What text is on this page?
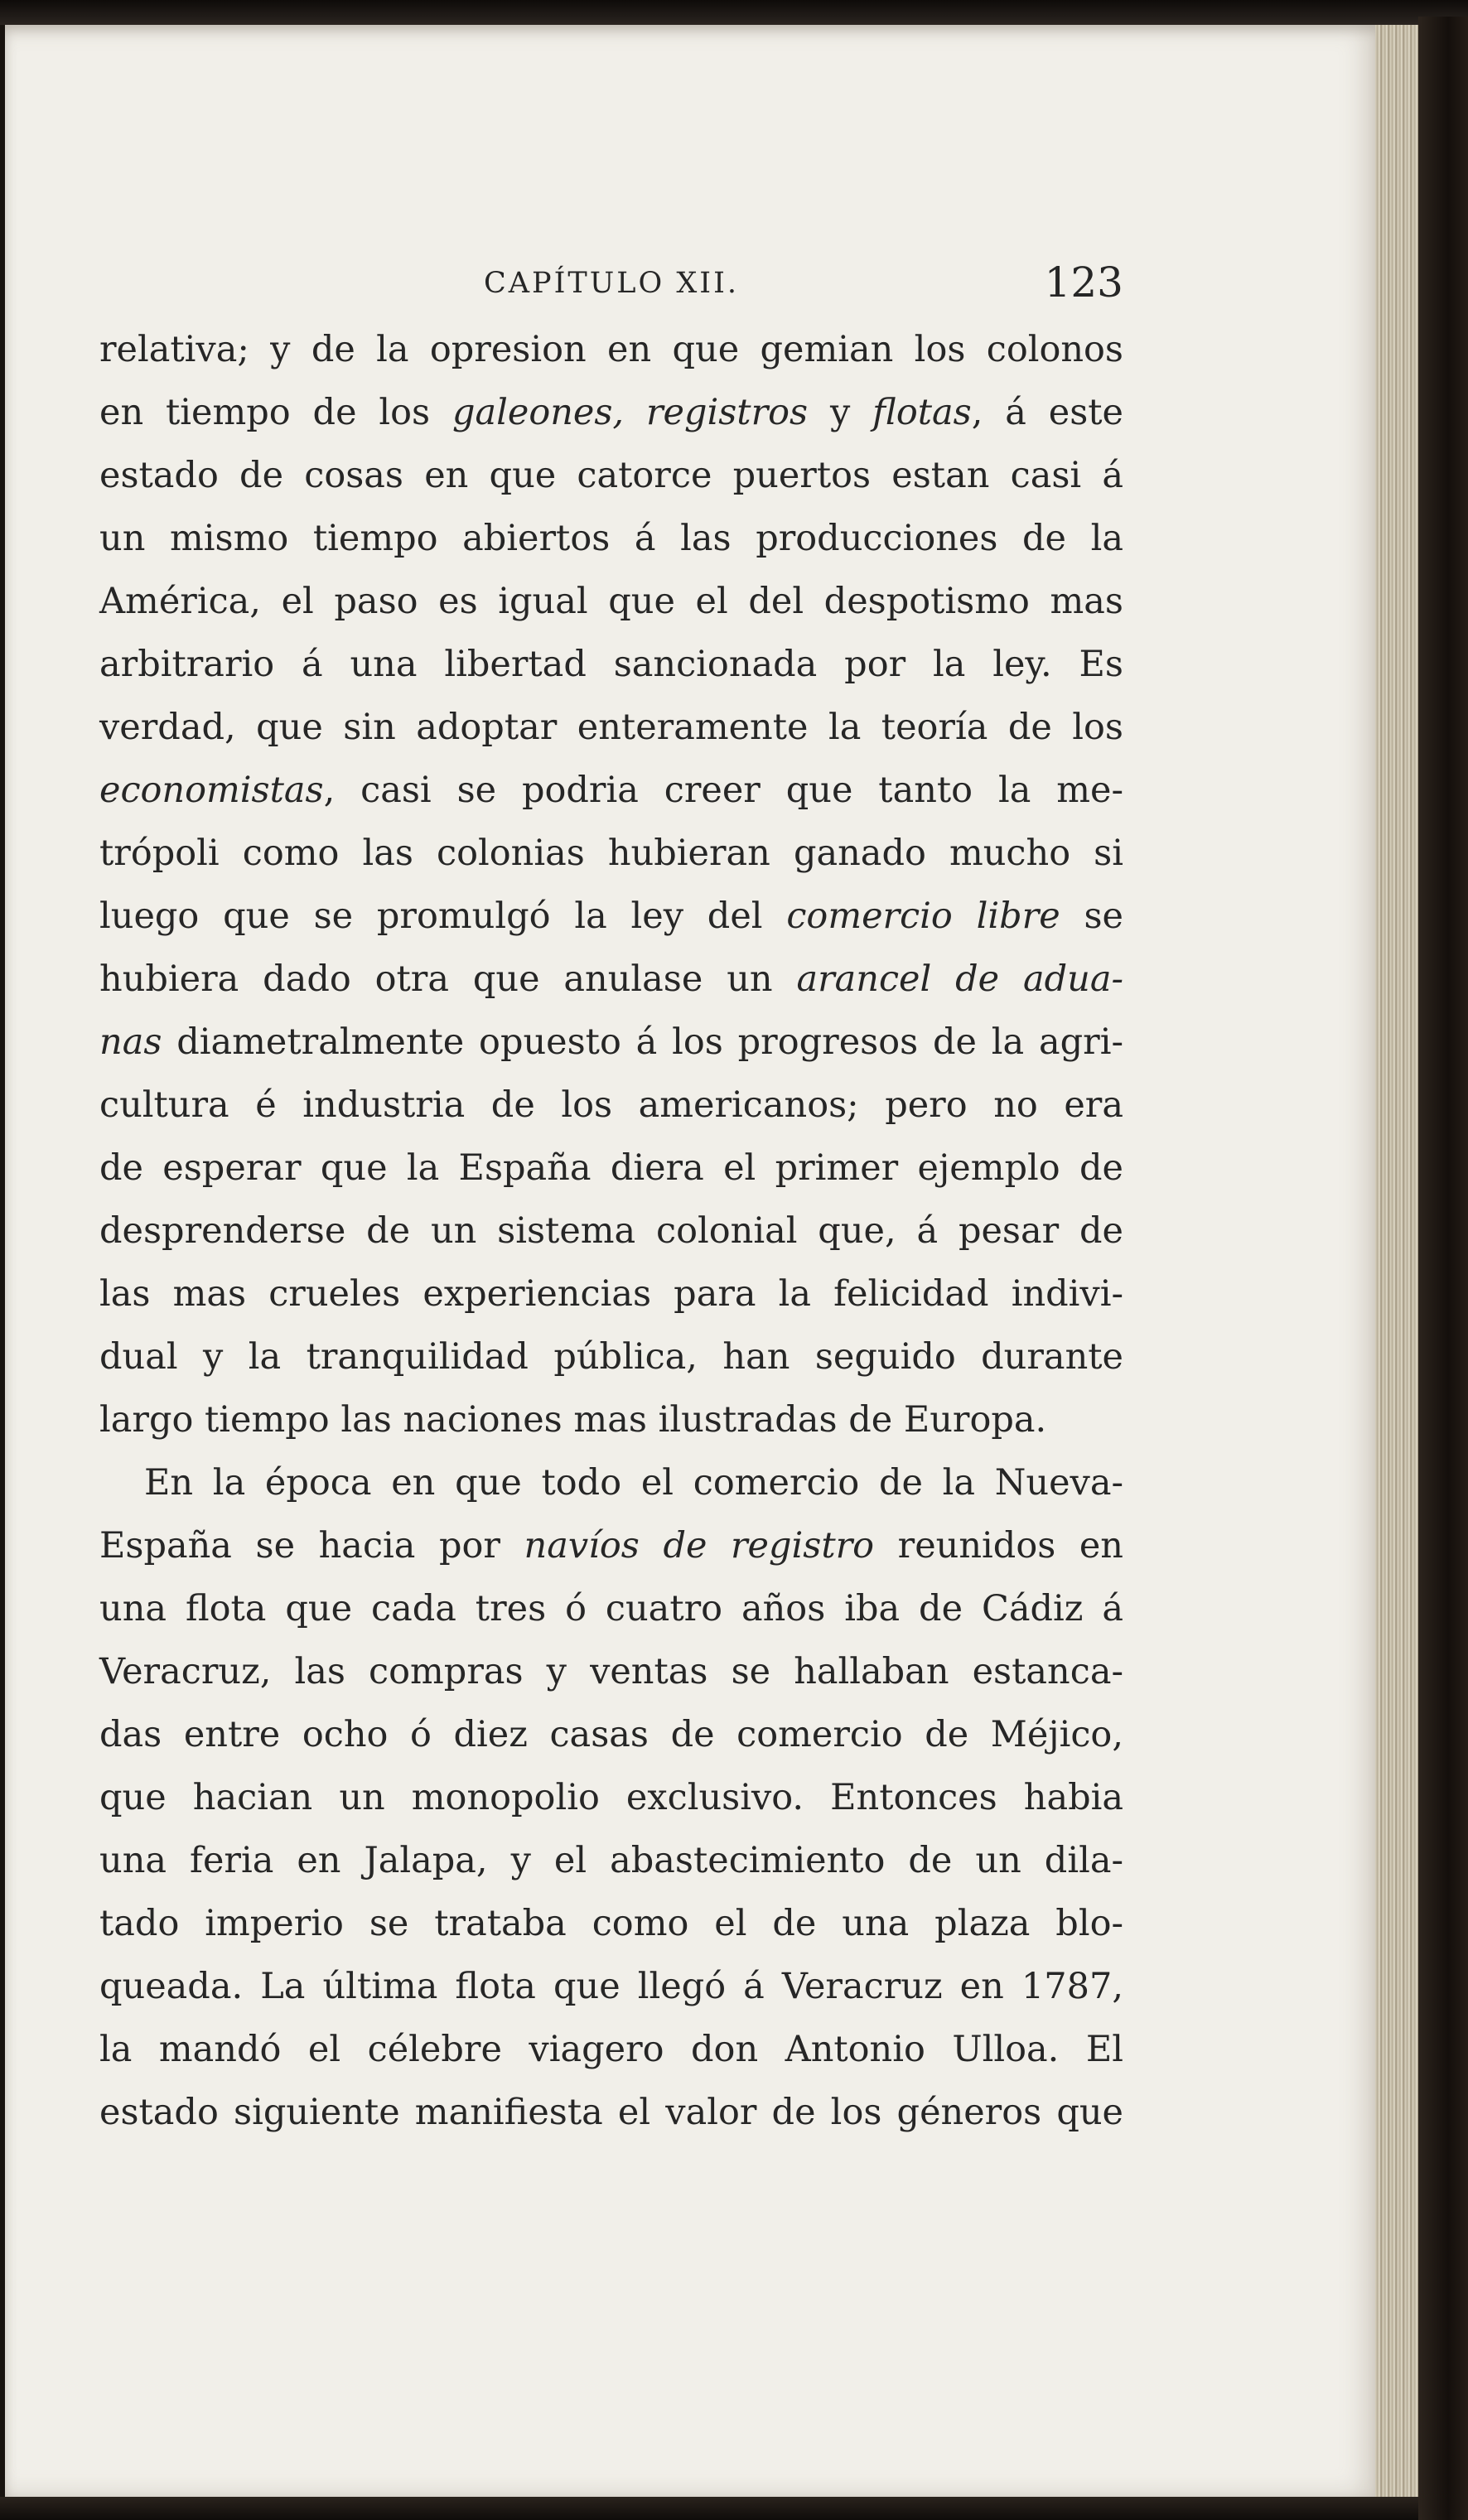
CAPÍTULO XII.	123
relativa; y de la opresion en que gemian los colonos
en tiempo de los galeones, registros y flotas, á este
estado de cosas en que catorce puertos estan casi á
un mismo tiempo abiertos á las producciones de la
América, el paso es igual que el del despotismo mas
arbitrario á una libertad sancionada por la ley. Es
verdad, que sin adoptar enteramente la teoría de los
economistas, casi se podria creer que tanto la me-
trópoli como las colonias hubieran ganado mucho si
luego que se promulgó la ley del comercio libre se
hubiera dado otra que anulase un arancel de adua-
nas diametralmente opuesto á los progresos de la agri-
cultura é industria de los americanos; pero no era
de esperar que la España diera el primer ejemplo de
desprenderse de un sistema colonial que, á pesar de
las mas crueles experiencias para la felicidad indivi-
dual y la tranquilidad pública, han seguido durante
largo tiempo las naciones mas ilustradas de Europa.
En la época en que todo el comercio de la Nueva-
España se hacia por navíos de registro reunidos en
una flota que cada tres ó cuatro años iba de Cádiz á
Veracruz, las compras y ventas se hallaban estanca-
das entre ocho ó diez casas de comercio de Méjico,
que hacian un monopolio exclusivo. Entonces habia
una feria en Jalapa, y el abastecimiento de un dila-
tado imperio se trataba como el de una plaza blo-
queada. La última flota que llegó á Veracruz en 1787,
la mandó el célebre viagero don Antonio Ulloa. El
estado siguiente manifiesta el valor de los géneros que
